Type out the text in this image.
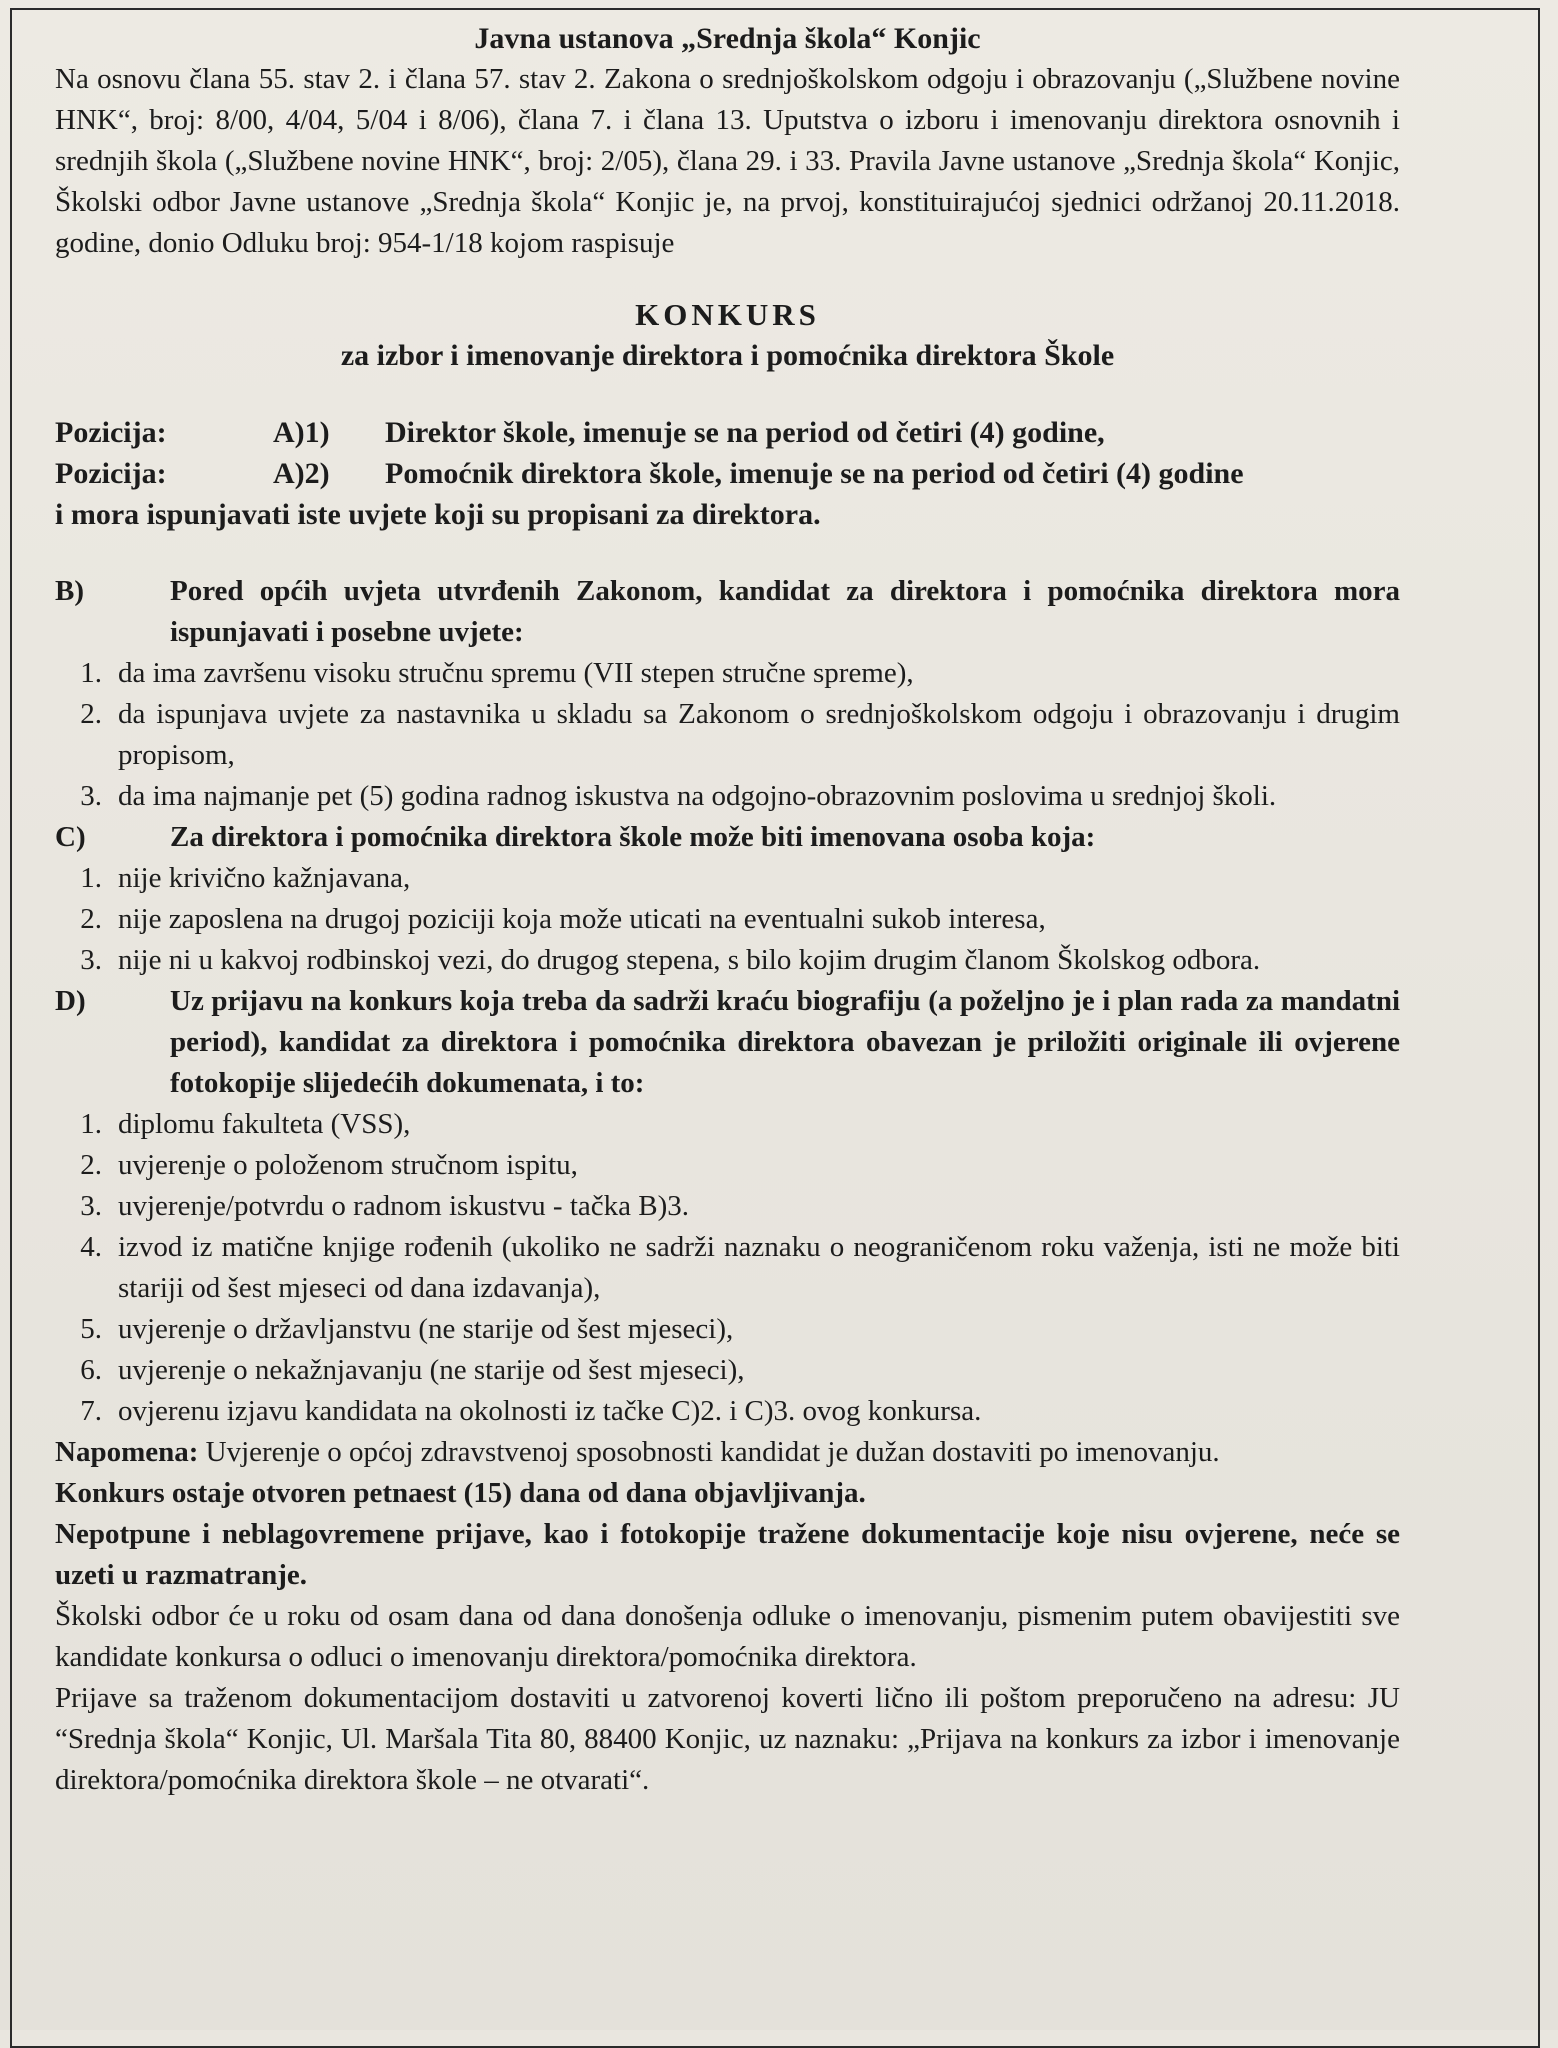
Javna ustanova „Srednja škola“ Konjic

Na osnovu člana 55. stav 2. i člana 57. stav 2. Zakona o srednjoškolskom odgoju i obrazovanju („Službene novine HNK“, broj: 8/00, 4/04, 5/04 i 8/06), člana 7. i člana 13. Uputstva o izboru i imenovanju direktora osnovnih i srednjih škola („Službene novine HNK“, broj: 2/05), člana 29. i 33. Pravila Javne ustanove „Srednja škola“ Konjic, Školski odbor Javne ustanove „Srednja škola“ Konjic je, na prvoj, konstituirajućoj sjednici održanoj 20.11.2018. godine, donio Odluku broj: 954-1/18 kojom raspisuje

KONKURS

za izbor i imenovanje direktora i pomoćnika direktora Škole

Pozicija:	A)1)	Direktor škole, imenuje se na period od četiri (4) godine,
Pozicija:	A)2)	Pomoćnik direktora škole, imenuje se na period od četiri (4) godine

i mora ispunjavati iste uvjete koji su propisani za direktora.

B)	Pored općih uvjeta utvrđenih Zakonom, kandidat za direktora i pomoćnika direktora mora ispunjavati i posebne uvjete:
1. da ima završenu visoku stručnu spremu (VII stepen stručne spreme),
2. da ispunjava uvjete za nastavnika u skladu sa Zakonom o srednjoškolskom odgoju i obrazovanju i drugim propisom,
3. da ima najmanje pet (5) godina radnog iskustva na odgojno-obrazovnim poslovima u srednjoj školi.
C)	Za direktora i pomoćnika direktora škole može biti imenovana osoba koja:
1. nije krivično kažnjavana,
2. nije zaposlena na drugoj poziciji koja može uticati na eventualni sukob interesa,
3. nije ni u kakvoj rodbinskoj vezi, do drugog stepena, s bilo kojim drugim članom Školskog odbora.
D)	Uz prijavu na konkurs koja treba da sadrži kraću biografiju (a poželjno je i plan rada za mandatni period), kandidat za direktora i pomoćnika direktora obavezan je priložiti originale ili ovjerene fotokopije slijedećih dokumenata, i to:
1. diplomu fakulteta (VSS),
2. uvjerenje o položenom stručnom ispitu,
3. uvjerenje/potvrdu o radnom iskustvu - tačka B)3.
4. izvod iz matične knjige rođenih (ukoliko ne sadrži naznaku o neograničenom roku važenja, isti ne može biti stariji od šest mjeseci od dana izdavanja),
5. uvjerenje o državljanstvu (ne starije od šest mjeseci),
6. uvjerenje o nekažnjavanju (ne starije od šest mjeseci),
7. ovjerenu izjavu kandidata na okolnosti iz tačke C)2. i C)3. ovog konkursa.

Napomena: Uvjerenje o općoj zdravstvenoj sposobnosti kandidat je dužan dostaviti po imenovanju.

Konkurs ostaje otvoren petnaest (15) dana od dana objavljivanja.

Nepotpune i neblagovremene prijave, kao i fotokopije tražene dokumentacije koje nisu ovjerene, neće se uzeti u razmatranje.

Školski odbor će u roku od osam dana od dana donošenja odluke o imenovanju, pismenim putem obavijestiti sve kandidate konkursa o odluci o imenovanju direktora/pomoćnika direktora.

Prijave sa traženom dokumentacijom dostaviti u zatvorenoj koverti lično ili poštom preporučeno na adresu: JU “Srednja škola“ Konjic, Ul. Maršala Tita 80, 88400 Konjic, uz naznaku: „Prijava na konkurs za izbor i imenovanje direktora/pomoćnika direktora škole – ne otvarati“.
